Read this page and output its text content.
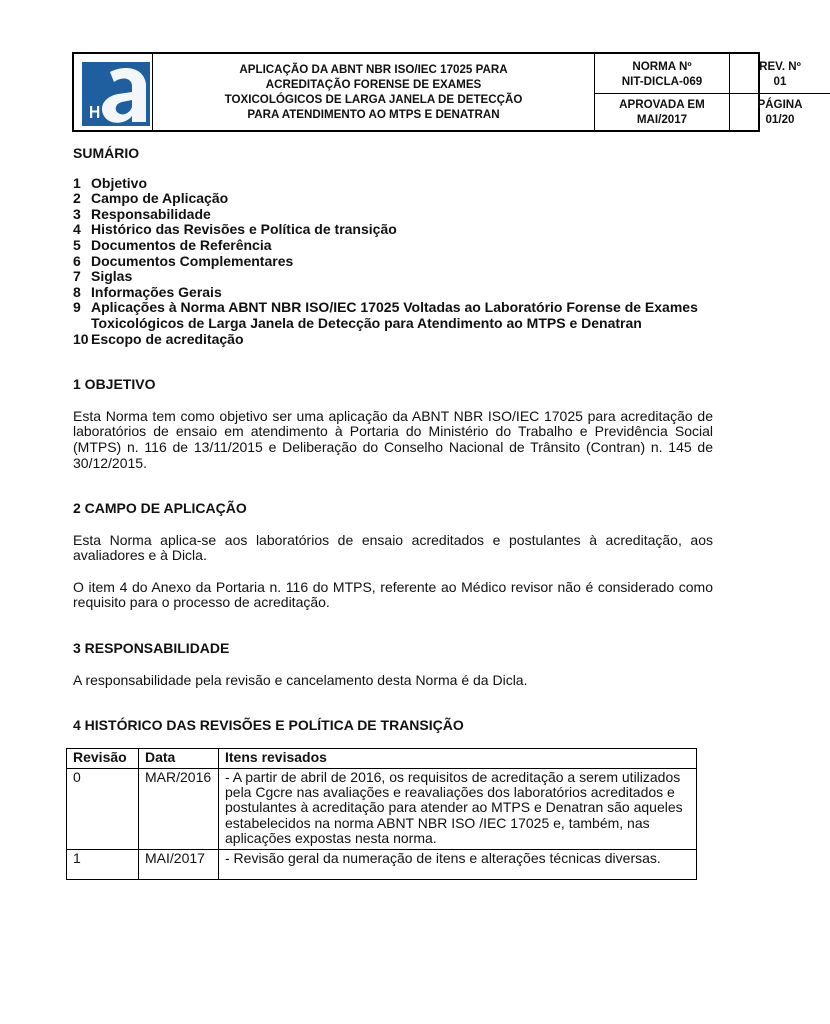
APLICAÇÃO DA ABNT NBR ISO/IEC 17025 PARA
ACREDITAÇÃO FORENSE DE EXAMES
TOXICOLÓGICOS DE LARGA JANELA DE DETECÇÃO
PARA ATENDIMENTO AO MTPS E DENATRAN
NORMA Nº
NIT-DICLA-069
REV. Nº
01
APROVADA EM
MAI/2017
PÁGINA
01/20

SUMÁRIO

1 Objetivo
2 Campo de Aplicação
3 Responsabilidade
4 Histórico das Revisões e Política de transição
5 Documentos de Referência
6 Documentos Complementares
7 Siglas
8 Informações Gerais
9 Aplicações à Norma ABNT NBR ISO/IEC 17025 Voltadas ao Laboratório Forense de Exames Toxicológicos de Larga Janela de Detecção para Atendimento ao MTPS e Denatran
10 Escopo de acreditação

1 OBJETIVO

Esta Norma tem como objetivo ser uma aplicação da ABNT NBR ISO/IEC 17025 para acreditação de laboratórios de ensaio em atendimento à Portaria do Ministério do Trabalho e Previdência Social (MTPS) n. 116 de 13/11/2015 e Deliberação do Conselho Nacional de Trânsito (Contran) n. 145 de 30/12/2015.

2 CAMPO DE APLICAÇÃO

Esta Norma aplica-se aos laboratórios de ensaio acreditados e postulantes à acreditação, aos avaliadores e à Dicla.

O item 4 do Anexo da Portaria n. 116 do MTPS, referente ao Médico revisor não é considerado como requisito para o processo de acreditação.

3 RESPONSABILIDADE

A responsabilidade pela revisão e cancelamento desta Norma é da Dicla.

4 HISTÓRICO DAS REVISÕES E POLÍTICA DE TRANSIÇÃO

Revisão	Data	Itens revisados
0	MAR/2016	- A partir de abril de 2016, os requisitos de acreditação a serem utilizados pela Cgcre nas avaliações e reavaliações dos laboratórios acreditados e postulantes à acreditação para atender ao MTPS e Denatran são aqueles estabelecidos na norma ABNT NBR ISO /IEC 17025 e, também, nas aplicações expostas nesta norma.
1	MAI/2017	- Revisão geral da numeração de itens e alterações técnicas diversas.
